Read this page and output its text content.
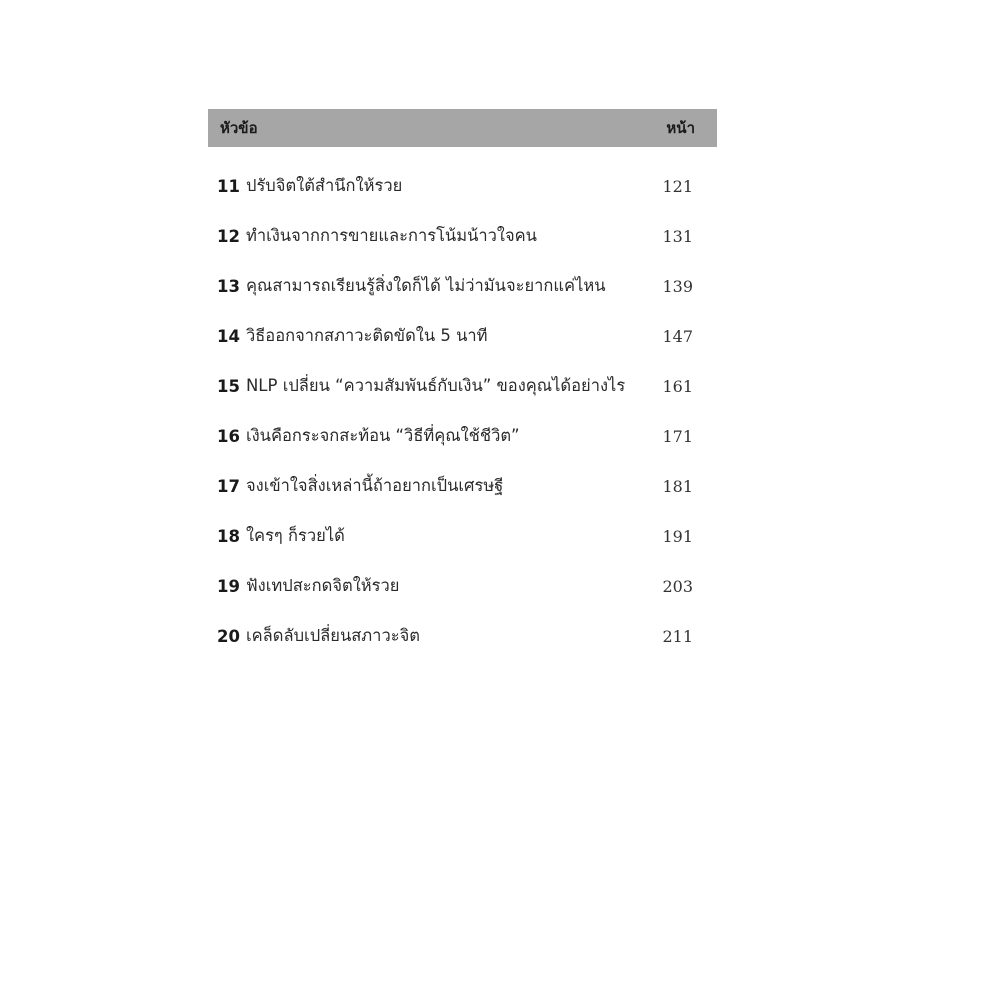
หัวข้อ	หน้า
11 ปรับจิตใต้สำนึกให้รวย	121
12 ทำเงินจากการขายและการโน้มน้าวใจคน	131
13 คุณสามารถเรียนรู้สิ่งใดก็ได้ ไม่ว่ามันจะยากแค่ไหน	139
14 วิธีออกจากสภาวะติดขัดใน 5 นาที	147
15 NLP เปลี่ยน “ความสัมพันธ์กับเงิน” ของคุณได้อย่างไร 161
16 เงินคือกระจกสะท้อน “วิธีที่คุณใช้ชีวิต”	171
17 จงเข้าใจสิ่งเหล่านี้ถ้าอยากเป็นเศรษฐี	181
18 ใครๆ ก็รวยได้	191
19 ฟังเทปสะกดจิตให้รวย	203
20 เคล็ดลับเปลี่ยนสภาวะจิต	211
